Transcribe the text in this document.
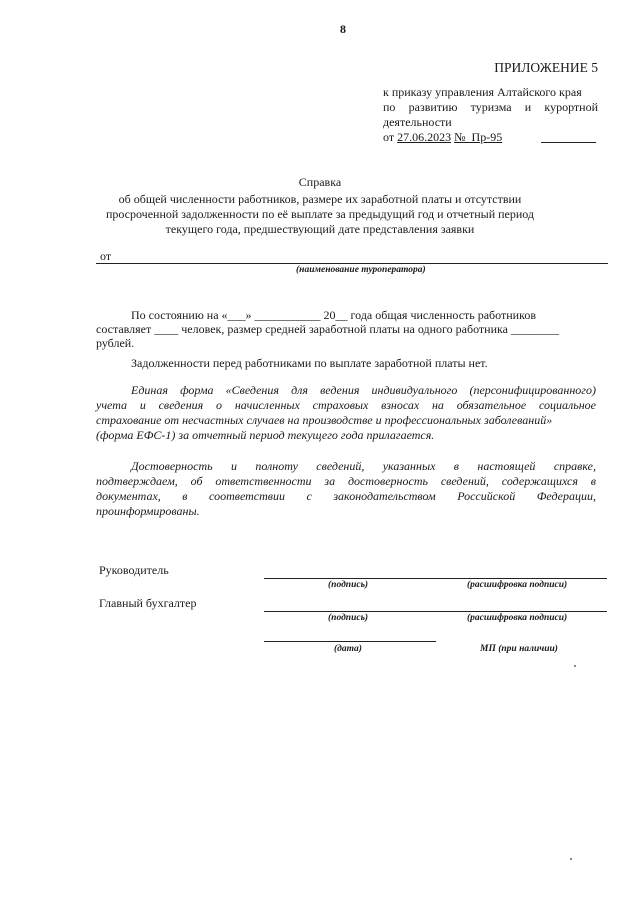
8
ПРИЛОЖЕНИЕ 5
к приказу управления Алтайского края
по  развитию  туризма  и  курортной
деятельности
от 27.06.2023 №  Пр-95
Справка
об общей численности работников, размере их заработной платы и отсутствии
просроченной задолженности по её выплате за предыдущий год и отчетный период
текущего года, предшествующий дате представления заявки
от
(наименование туроператора)
По состоянию на «___» ___________ 20__ года общая численность работников
составляет ____ человек, размер средней заработной платы на одного работника ________
рублей.
Задолженности перед работниками по выплате заработной платы нет.
Единая форма «Сведения для ведения индивидуального (персонифицированного)
учета и сведения о начисленных страховых взносах на обязательное социальное
страхование от несчастных случаев на производстве и профессиональных заболеваний»
(форма ЕФС-1) за отчетный период текущего года прилагается.
Достоверность  и  полноту  сведений,  указанных  в  настоящей  справке,
подтверждаем, об ответственности за достоверность сведений, содержащихся в
документах,  в  соответствии  с  законодательством  Российской  Федерации,
проинформированы.
Руководитель
(подпись)	(расшифровка подписи)
Главный бухгалтер
(подпись)	(расшифровка подписи)
(дата)	МП (при наличии)
